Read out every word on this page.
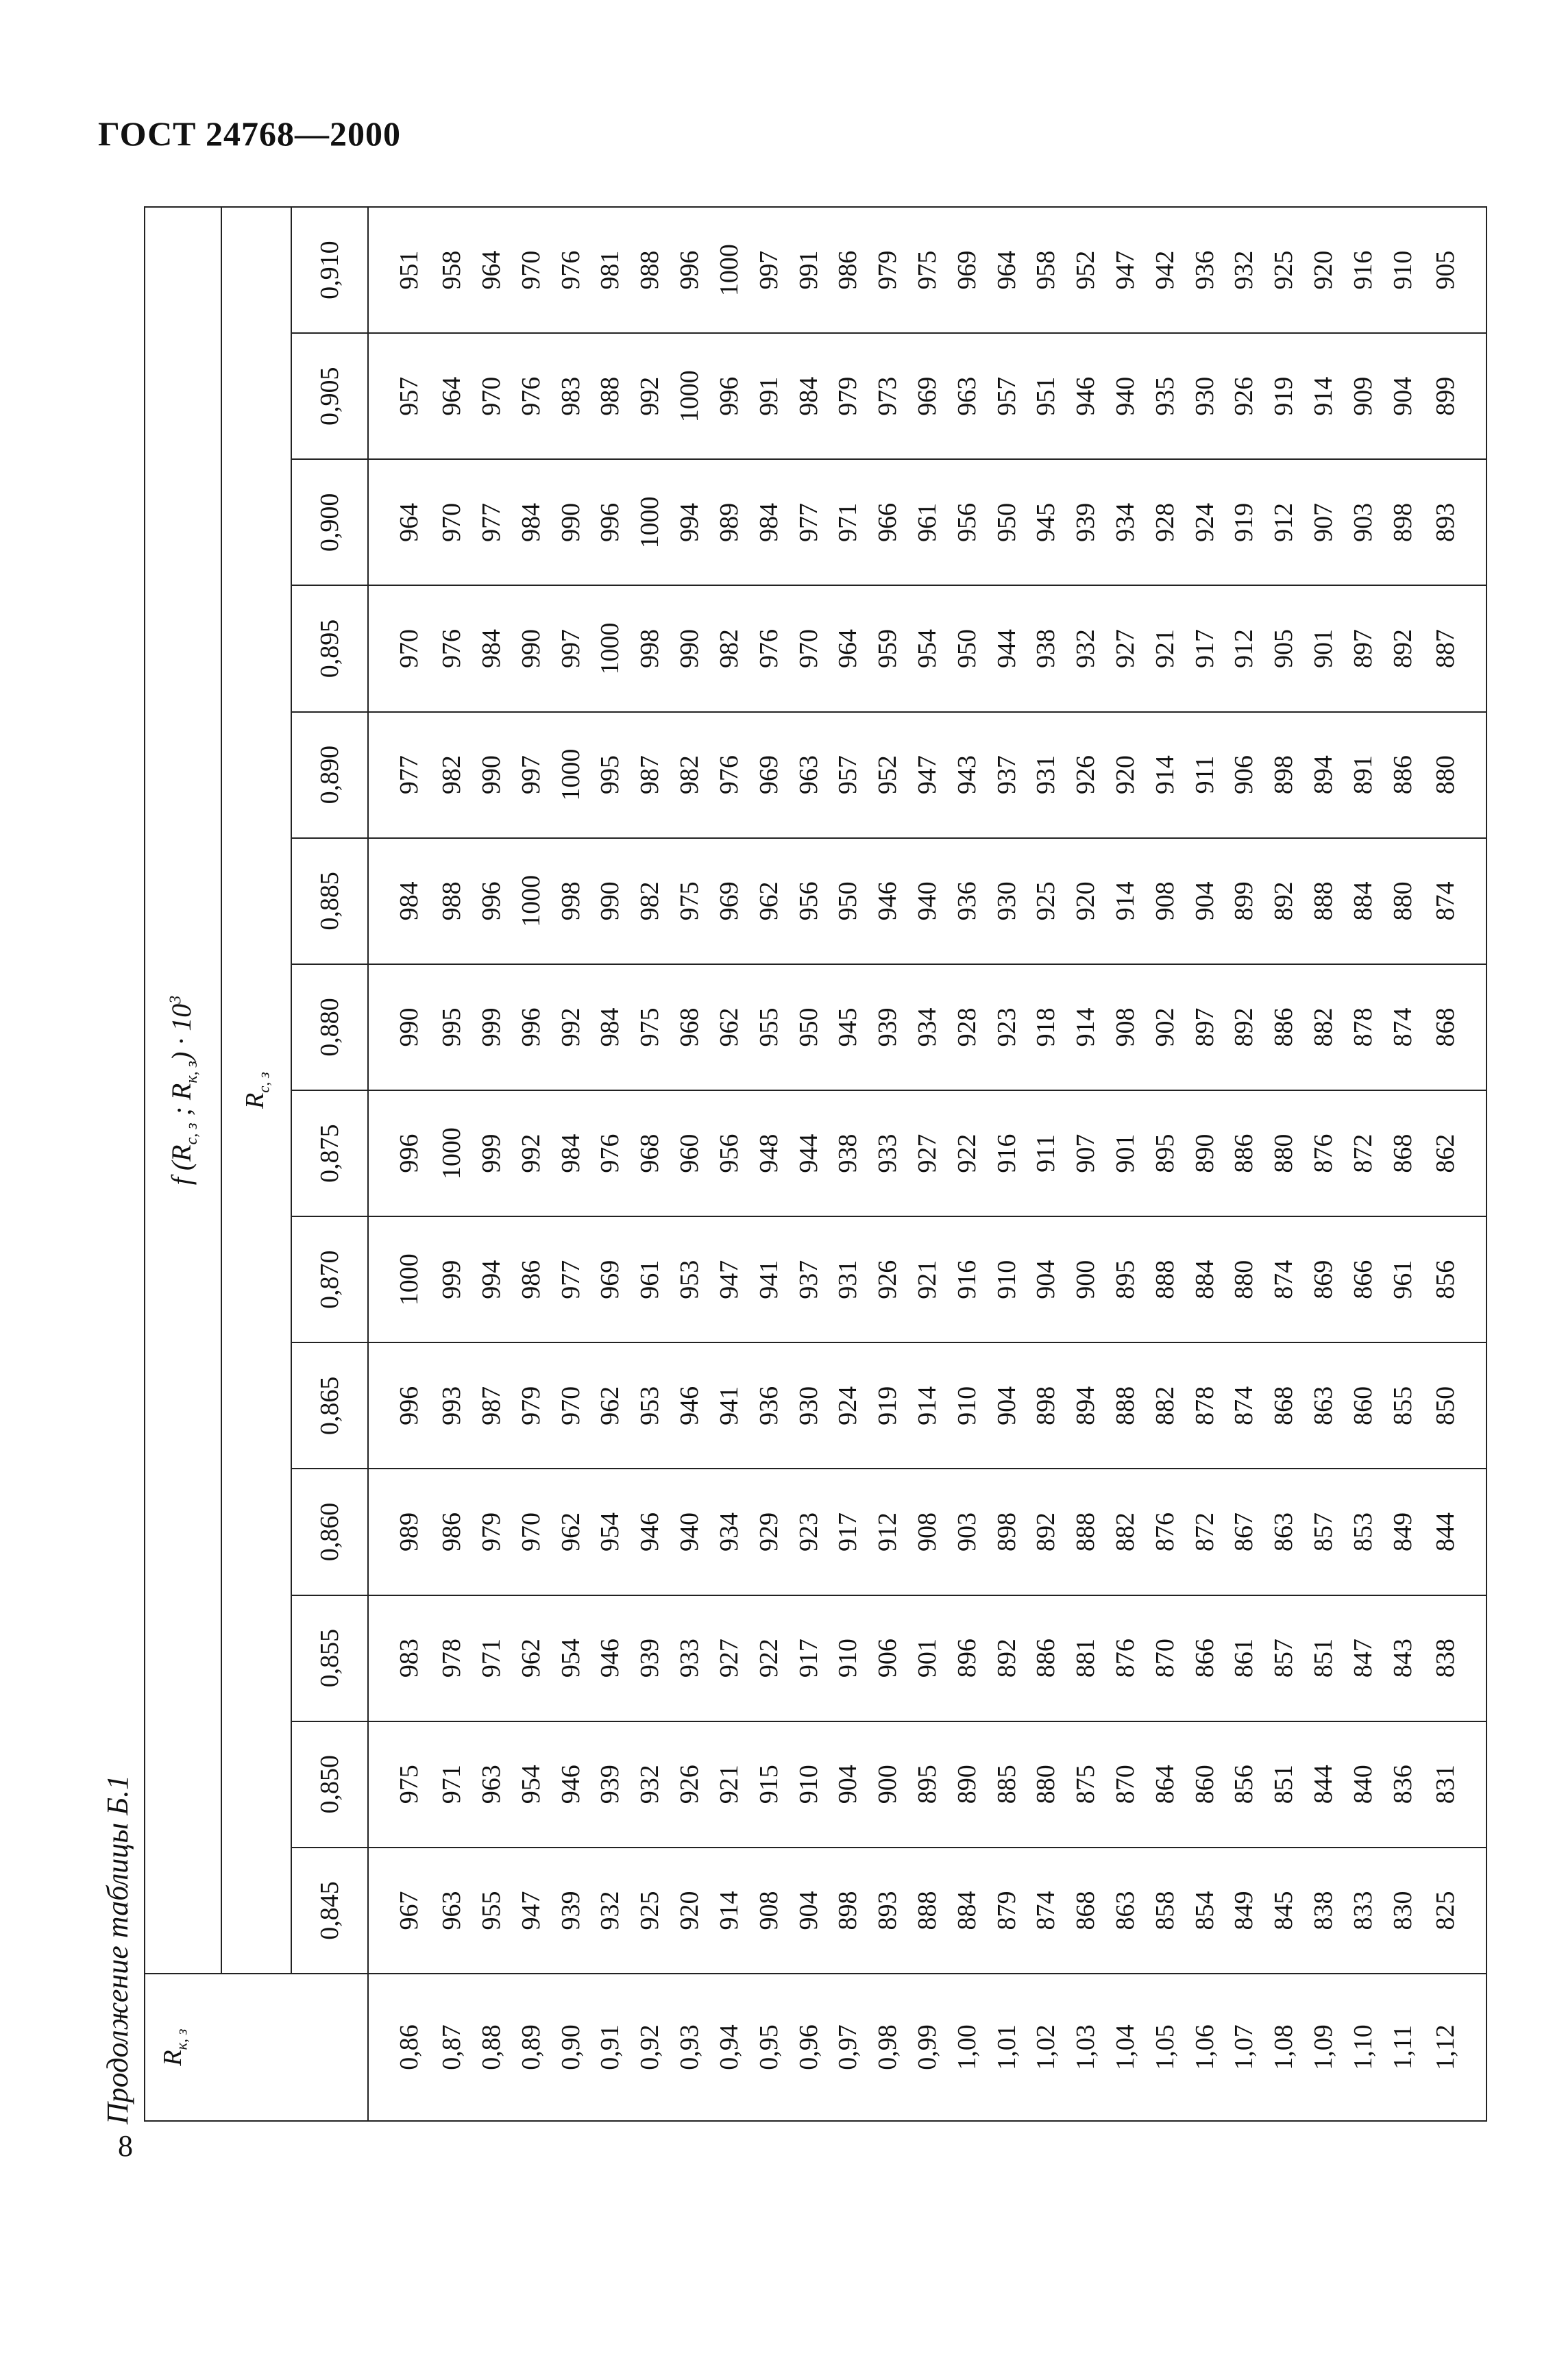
ГОСТ 24768—2000
Продолжение таблицы Б.1 $R_{к, з}$	f ($R_{с, з}$ ; $R_{к, з}) \cdot 10^3$
	$R_{с, з}$
	0,845	0,850	0,855	0,860	0,865	0,870	0,875	0,880	0,885	0,890	0,895	0,900	0,905	0,910
0,86	967	975	983	989	996	1000	996	990	984	977	970	964	957	951
0,87	963	971	978	986	993	999	1000	995	988	982	976	970	964	958
0,88	955	963	971	979	987	994	999	999	996	990	984	977	970	964
0,89	947	954	962	970	979	986	992	996	1000	997	990	984	976	970
0,90	939	946	954	962	970	977	984	992	998	1000	997	990	983	976
0,91	932	939	946	954	962	969	976	984	990	995	1000	996	988	981
0,92	925	932	939	946	953	961	968	975	982	987	998	1000	992	988
0,93	920	926	933	940	946	953	960	968	975	982	990	994	1000	996
0,94	914	921	927	934	941	947	956	962	969	976	982	989	996	1000
0,95	908	915	922	929	936	941	948	955	962	969	976	984	991	997
0,96	904	910	917	923	930	937	944	950	956	963	970	977	984	991
0,97	898	904	910	917	924	931	938	945	950	957	964	971	979	986
0,98	893	900	906	912	919	926	933	939	946	952	959	966	973	979
0,99	888	895	901	908	914	921	927	934	940	947	954	961	969	975
1,00	884	890	896	903	910	916	922	928	936	943	950	956	963	969
1,01	879	885	892	898	904	910	916	923	930	937	944	950	957	964
1,02	874	880	886	892	898	904	911	918	925	931	938	945	951	958
1,03	868	875	881	888	894	900	907	914	920	926	932	939	946	952
1,04	863	870	876	882	888	895	901	908	914	920	927	934	940	947
1,05	858	864	870	876	882	888	895	902	908	914	921	928	935	942
1,06	854	860	866	872	878	884	890	897	904	911	917	924	930	936
1,07	849	856	861	867	874	880	886	892	899	906	912	919	926	932
1,08	845	851	857	863	868	874	880	886	892	898	905	912	919	925
1,09	838	844	851	857	863	869	876	882	888	894	901	907	914	920
1,10	833	840	847	853	860	866	872	878	884	891	897	903	909	916
1,11	830	836	843	849	855	961	868	874	880	886	892	898	904	910
1,12	825	831	838	844	850	856	862	868	874	880	887	893	899	905
8
